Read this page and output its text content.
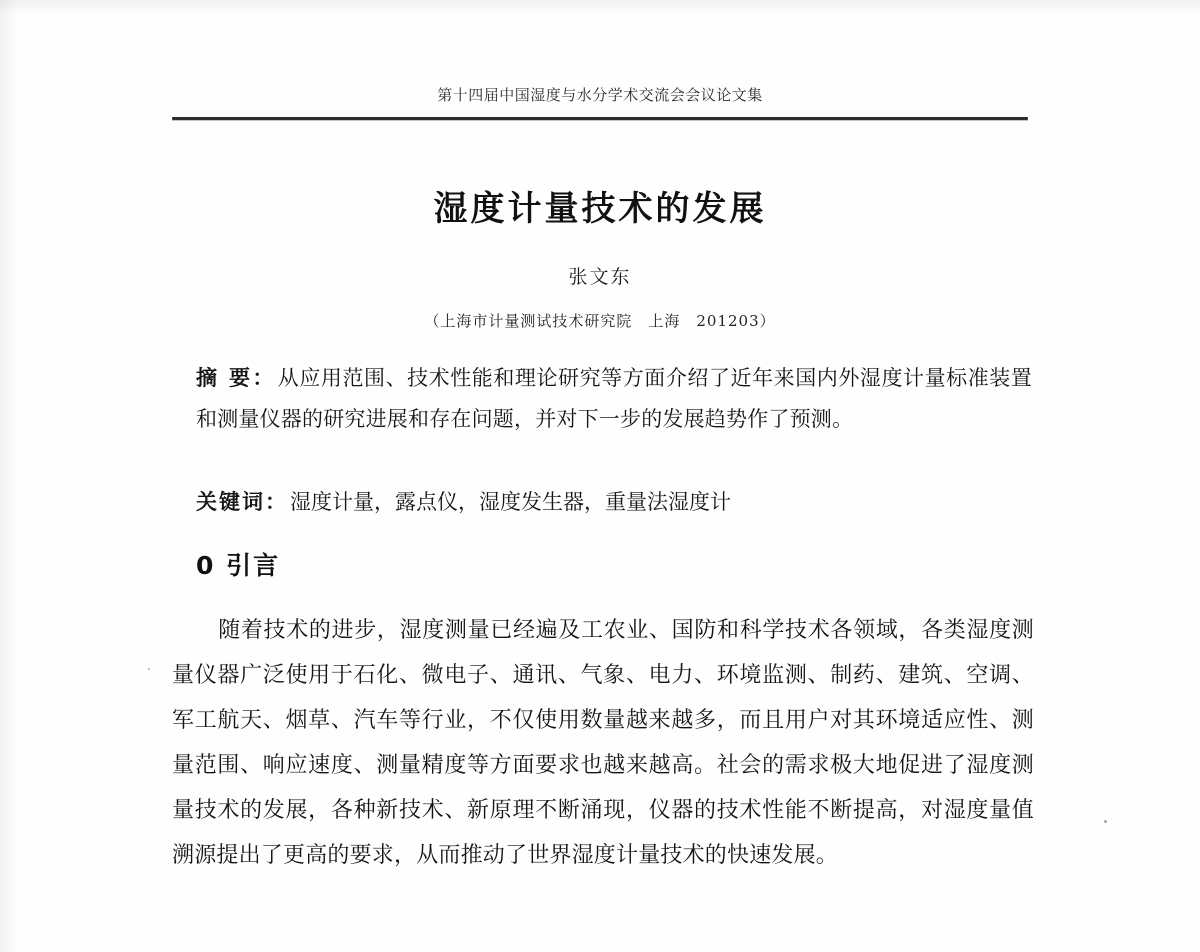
第十四届中国湿度与水分学术交流会会议论文集
湿度计量技术的发展
张文东
（上海市计量测试技术研究院　上海　201203）
摘 要：从应用范围、技术性能和理论研究等方面介绍了近年来国内外湿度计量标准装置和测量仪器的研究进展和存在问题，并对下一步的发展趋势作了预测。
关键词：湿度计量，露点仪，湿度发生器，重量法湿度计
0 引言

随着技术的进步，湿度测量已经遍及工农业、国防和科学技术各领域，各类湿度测量仪器广泛使用于石化、微电子、通讯、气象、电力、环境监测、制药、建筑、空调、军工航天、烟草、汽车等行业，不仅使用数量越来越多，而且用户对其环境适应性、测量范围、响应速度、测量精度等方面要求也越来越高。社会的需求极大地促进了湿度测量技术的发展，各种新技术、新原理不断涌现，仪器的技术性能不断提高，对湿度量值溯源提出了更高的要求，从而推动了世界湿度计量技术的快速发展。
